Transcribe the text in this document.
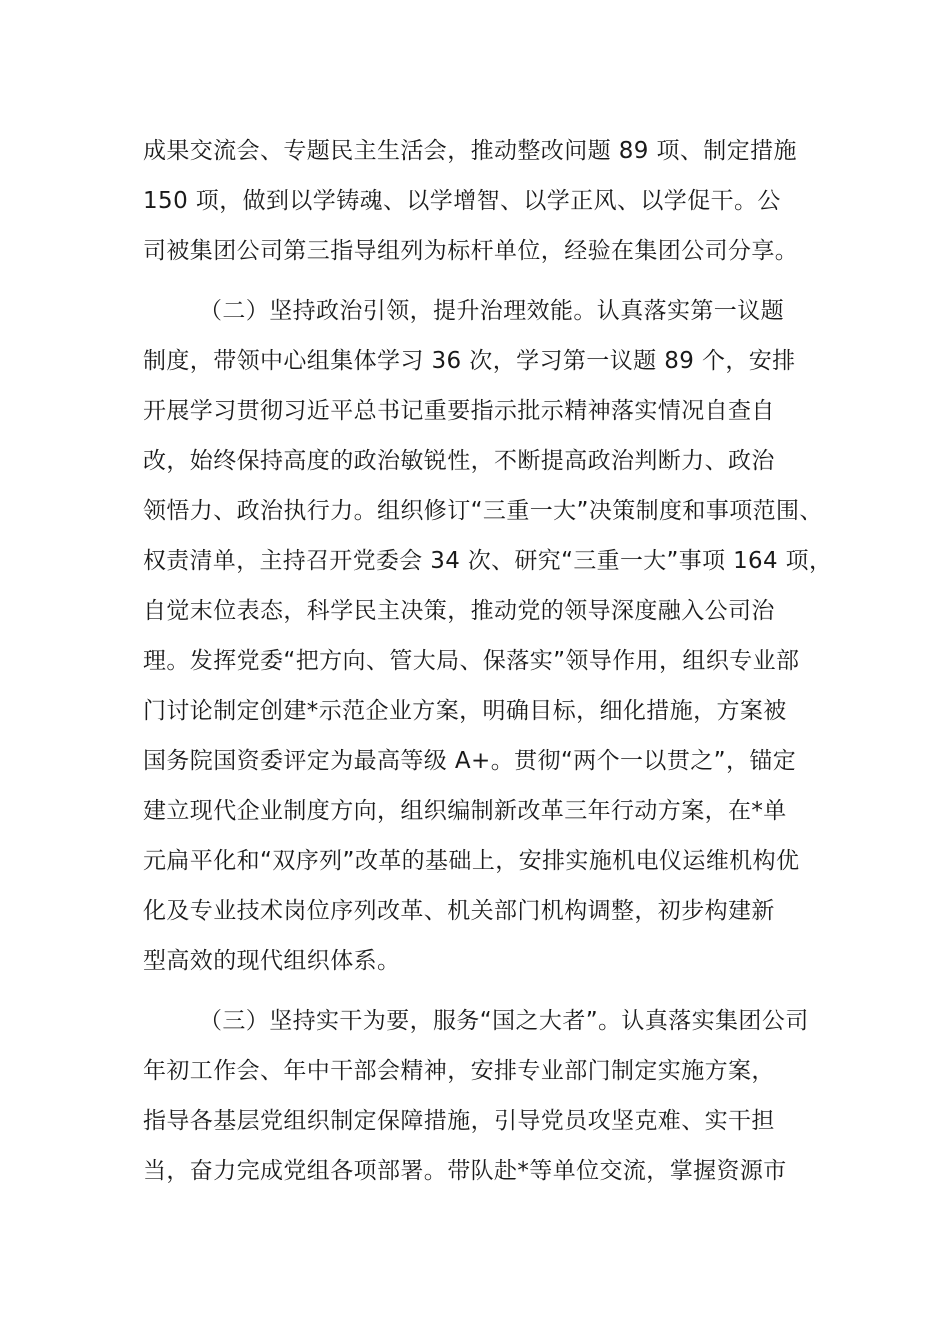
成果交流会、专题民主生活会，推动整改问题 89 项、制定措施
150 项，做到以学铸魂、以学增智、以学正风、以学促干。公
司被集团公司第三指导组列为标杆单位，经验在集团公司分享。
（二）坚持政治引领，提升治理效能。认真落实第一议题
制度，带领中心组集体学习 36 次，学习第一议题 89 个，安排
开展学习贯彻习近平总书记重要指示批示精神落实情况自查自
改，始终保持高度的政治敏锐性，不断提高政治判断力、政治
领悟力、政治执行力。组织修订“三重一大”决策制度和事项范围、
权责清单，主持召开党委会 34 次、研究“三重一大”事项 164 项，
自觉末位表态，科学民主决策，推动党的领导深度融入公司治
理。发挥党委“把方向、管大局、保落实”领导作用，组织专业部
门讨论制定创建*示范企业方案，明确目标，细化措施，方案被
国务院国资委评定为最高等级 A+。贯彻“两个一以贯之”，锚定
建立现代企业制度方向，组织编制新改革三年行动方案，在*单
元扁平化和“双序列”改革的基础上，安排实施机电仪运维机构优
化及专业技术岗位序列改革、机关部门机构调整，初步构建新
型高效的现代组织体系。
（三）坚持实干为要，服务“国之大者”。认真落实集团公司
年初工作会、年中干部会精神，安排专业部门制定实施方案，
指导各基层党组织制定保障措施，引导党员攻坚克难、实干担
当，奋力完成党组各项部署。带队赴*等单位交流，掌握资源市
